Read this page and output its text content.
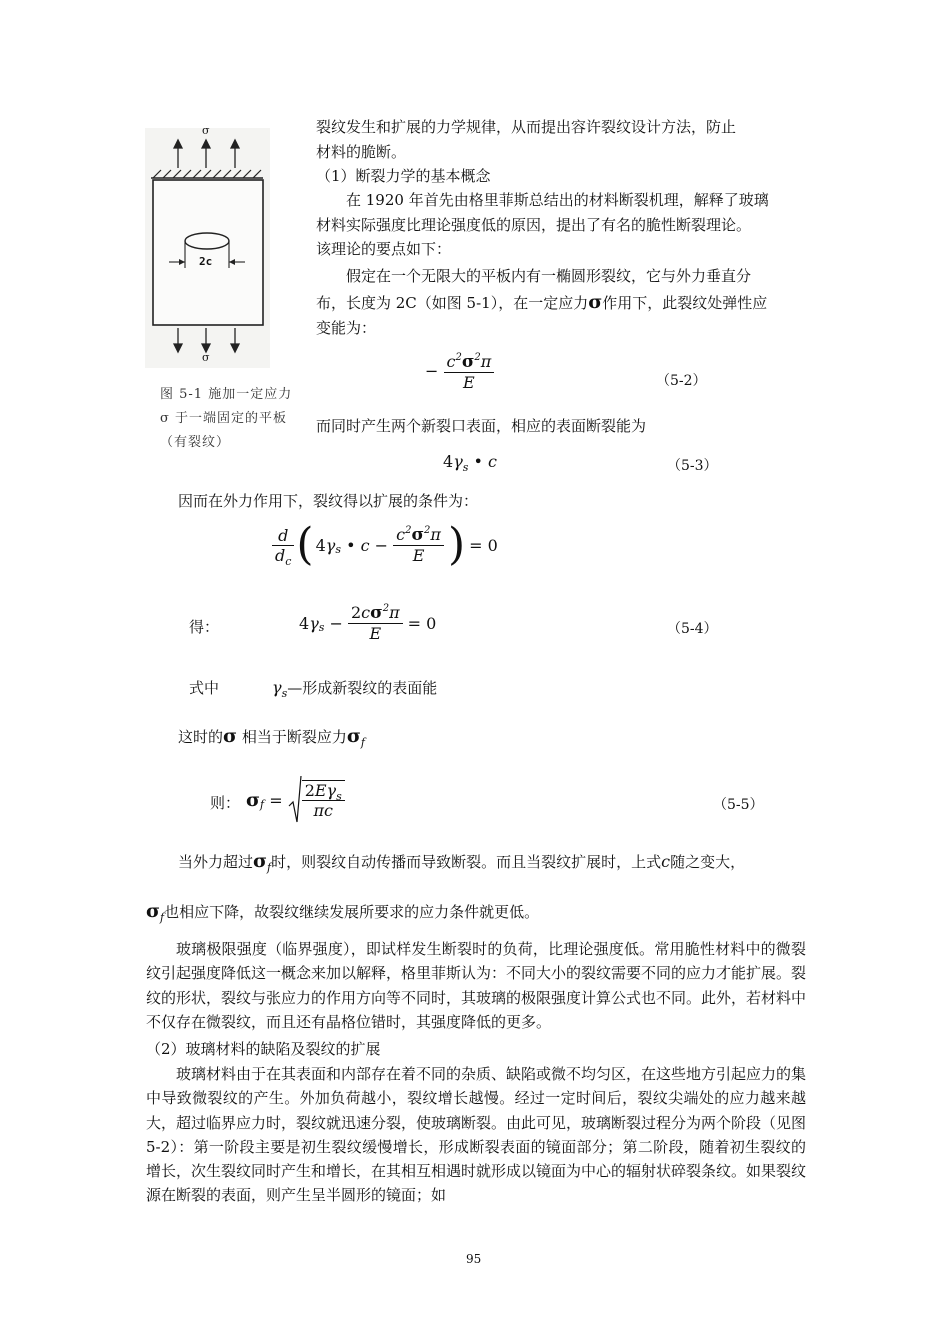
σ
2c
σ
图 5-1 施加一定应力
σ 于一端固定的平板
（有裂纹）
裂纹发生和扩展的力学规律，从而提出容许裂纹设计方法，防止
材料的脆断。
（1）断裂力学的基本概念
在 1920 年首先由格里菲斯总结出的材料断裂机理，解释了玻璃
材料实际强度比理论强度低的原因，提出了有名的脆性断裂理论。
该理论的要点如下：
假定在一个无限大的平板内有一椭圆形裂纹，它与外力垂直分
布，长度为 2C（如图 5-1），在一定应力σ作用下，此裂纹处弹性应
变能为：
− $\frac{c^2\sigma^2\pi}{E}$	（5-2）
而同时产生两个新裂口表面，相应的表面断裂能为
$4\gamma_s$ • c	（5-3）
因而在外力作用下，裂纹得以扩展的条件为：
$\frac{d}{d_c}$ ( 4 γ s
• $c - \frac{c^2\sigma^2\pi}{E}$ ) = 0
得：	4 γ $s - \frac{2c\sigma^2\pi}{E}$
= 0	（5-4）
式中	$\gamma_s—$形成新裂纹的表面能
这时的σ 相当于断裂应力$\sigma_f$
则： σ f
=
$\frac{2E\gamma_s}{\pi c}$	（5-5）
当外力超过$\sigma_f$时，则裂纹自动传播而导致断裂。而且当裂纹扩展时，上式c随之变大，
$\sigma_f$也相应下降，故裂纹继续发展所要求的应力条件就更低。
玻璃极限强度（临界强度），即试样发生断裂时的负荷，比理论强度低。常用脆性材料中的微裂纹引起强度降低这一概念来加以解释，格里菲斯认为：不同大小的裂纹需要不同的应力才能扩展。裂纹的形状，裂纹与张应力的作用方向等不同时，其玻璃的极限强度计算公式也不同。此外，若材料中不仅存在微裂纹，而且还有晶格位错时，其强度降低的更多。
（2）玻璃材料的缺陷及裂纹的扩展
玻璃材料由于在其表面和内部存在着不同的杂质、缺陷或微不均匀区，在这些地方引起应力的集中导致微裂纹的产生。外加负荷越小，裂纹增长越慢。经过一定时间后，裂纹尖端处的应力越来越大，超过临界应力时，裂纹就迅速分裂，使玻璃断裂。由此可见，玻璃断裂过程分为两个阶段（见图 5-2）：第一阶段主要是初生裂纹缓慢增长，形成断裂表面的镜面部分；第二阶段，随着初生裂纹的增长，次生裂纹同时产生和增长，在其相互相遇时就形成以镜面为中心的辐射状碎裂条纹。如果裂纹源在断裂的表面，则产生呈半圆形的镜面；如
95
